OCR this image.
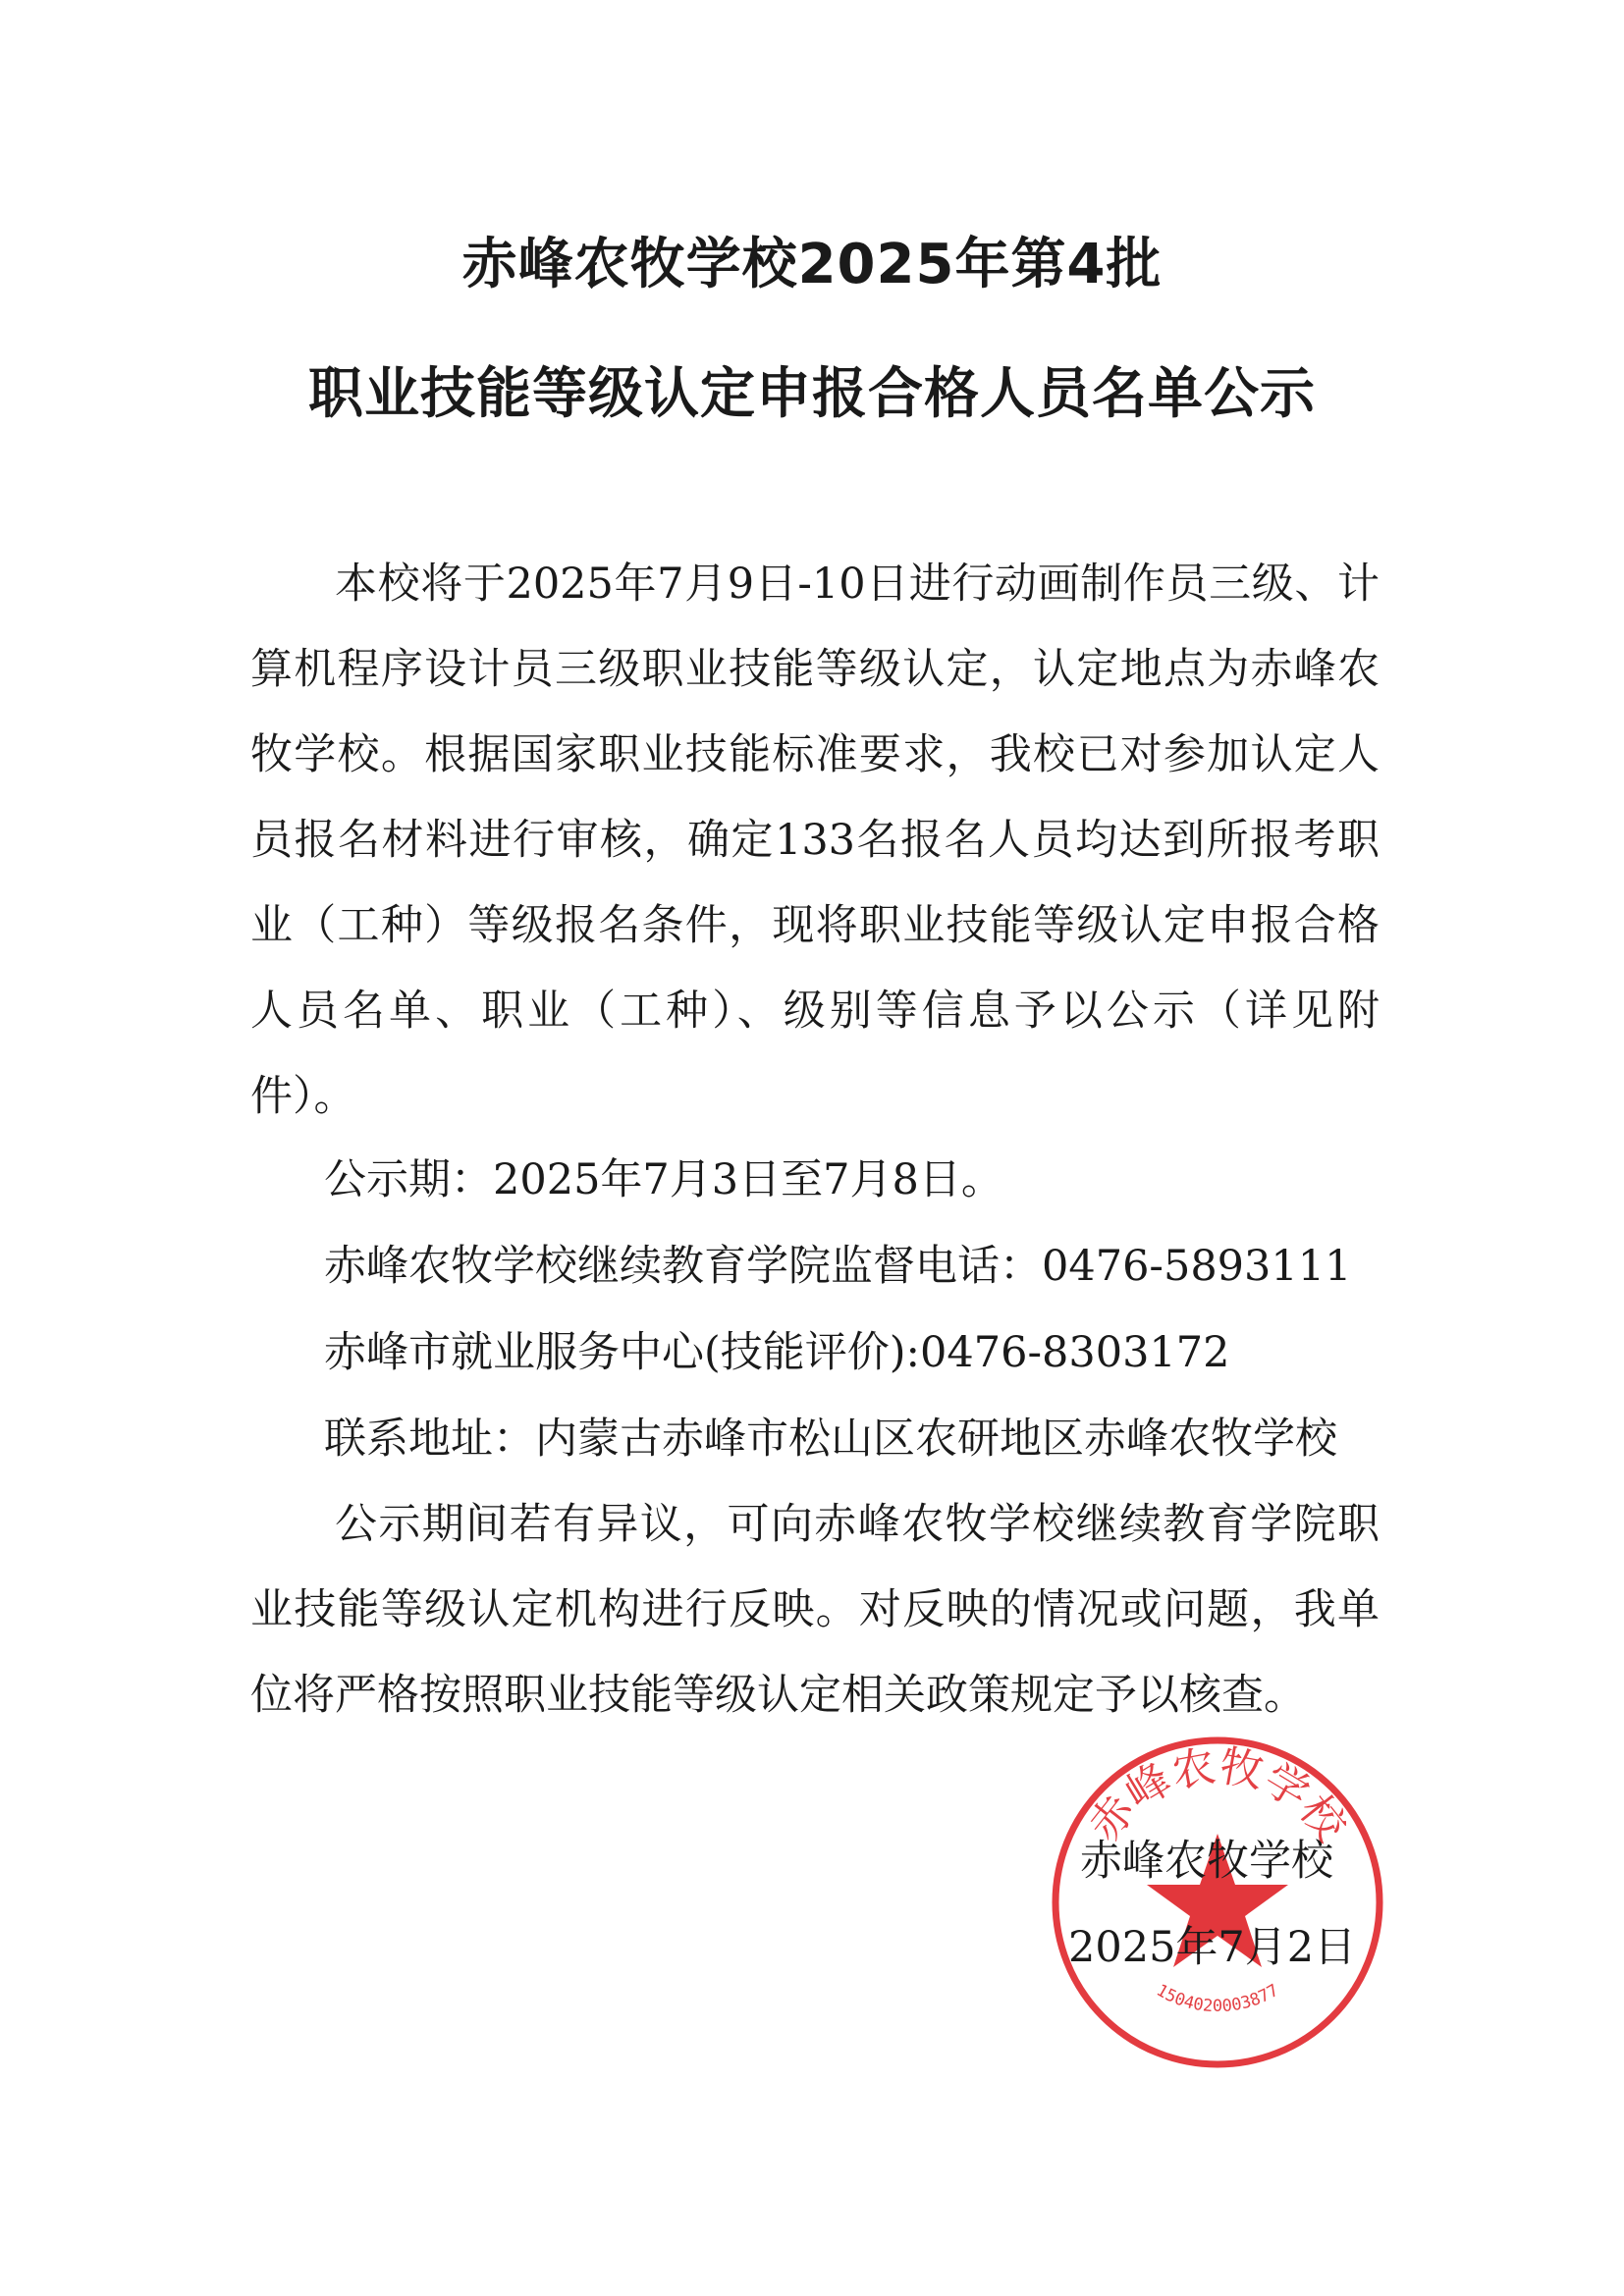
赤峰农牧学校2025年第4批
职业技能等级认定申报合格人员名单公示

本校将于2025年7月9日-10日进行动画制作员三级、计算机程序设计员三级职业技能等级认定，认定地点为赤峰农牧学校。根据国家职业技能标准要求，我校已对参加认定人员报名材料进行审核，确定133名报名人员均达到所报考职业（工种）等级报名条件，现将职业技能等级认定申报合格人员名单、职业（工种）、级别等信息予以公示（详见附件）。

公示期：2025年7月3日至7月8日。
赤峰农牧学校继续教育学院监督电话：0476-5893111
赤峰市就业服务中心(技能评价):0476-8303172
联系地址：内蒙古赤峰市松山区农研地区赤峰农牧学校

公示期间若有异议，可向赤峰农牧学校继续教育学院职业技能等级认定机构进行反映。对反映的情况或问题，我单位将严格按照职业技能等级认定相关政策规定予以核查。

赤峰农牧学校
1504020003877
赤峰农牧学校
2025年7月2日
